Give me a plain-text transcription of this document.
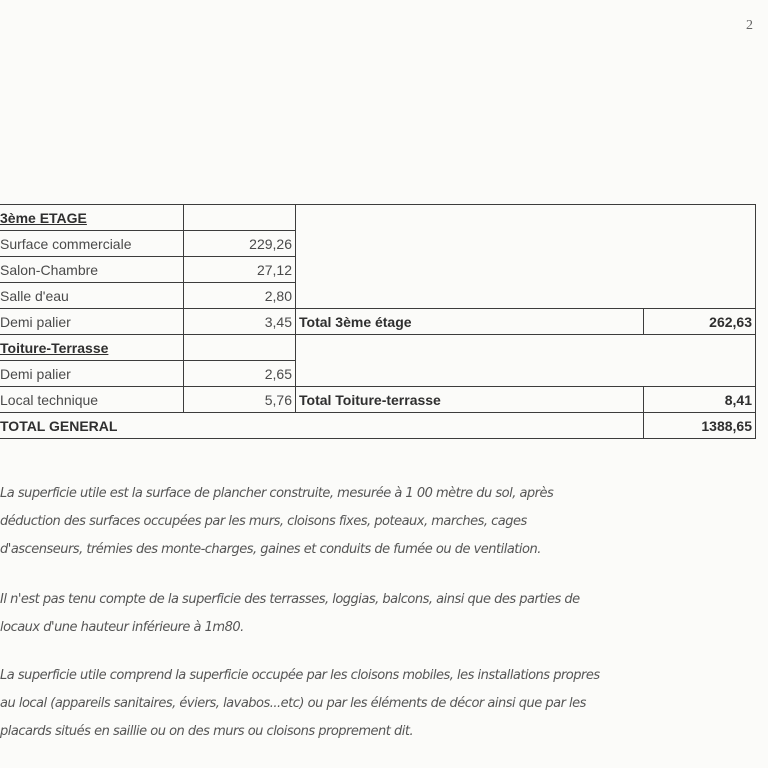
2
3ème ETAGE			
Surface commerciale	229,26		
Salon-Chambre	27,12		
Salle d'eau	2,80		
Demi palier	3,45	Total 3ème étage	262,63
Toiture-Terrasse			
Demi palier	2,65		
Local technique	5,76	Total Toiture-terrasse	8,41
TOTAL GENERAL			1388,65
La superficie utile est la surface de plancher construite, mesurée à 1 00 mètre du sol, après
déduction des surfaces occupées par les murs, cloisons fixes, poteaux, marches, cages
d'ascenseurs, trémies des monte-charges, gaines et conduits de fumée ou de ventilation.
Il n'est pas tenu compte de la superficie des terrasses, loggias, balcons, ainsi que des parties de
locaux d'une hauteur inférieure à 1m80.
La superficie utile comprend la superficie occupée par les cloisons mobiles, les installations propres
au local (appareils sanitaires, éviers, lavabos...etc) ou par les éléments de décor ainsi que par les
placards situés en saillie ou on des murs ou cloisons proprement dit.
